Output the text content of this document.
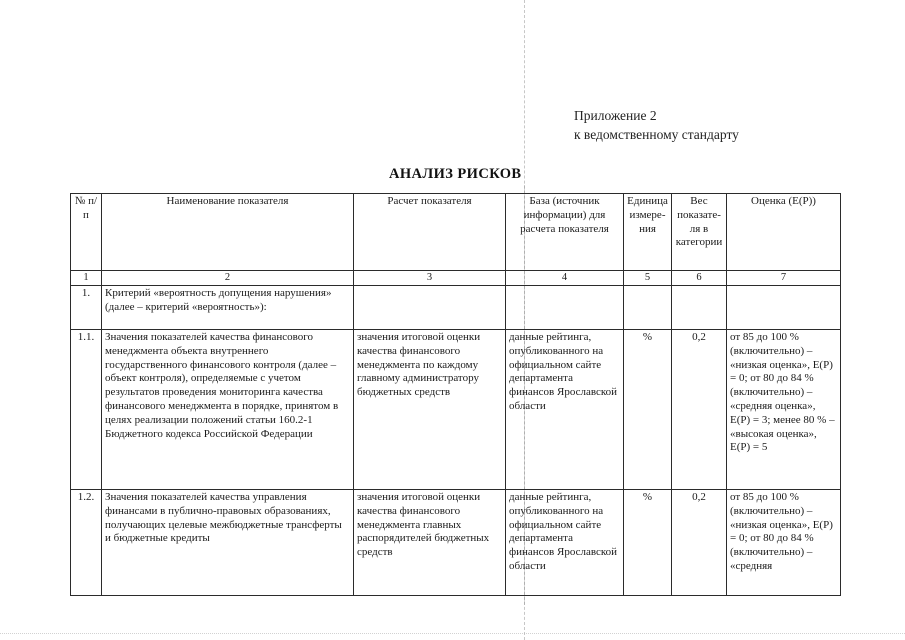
Приложение 2
к ведомственному стандарту
АНАЛИЗ РИСКОВ
№ п/п	Наименование показателя	Расчет показателя	База (источник информации) для расчета показателя	Единица измере-ния	Вес показате-ля в категории	Оценка (Е(Р))
1	2	3	4	5	6	7
1.	Критерий «вероятность допущения нарушения» (далее – критерий «вероятность»):					
1.1.	Значения показателей качества финансового менеджмента объекта внутреннего государственного финансового контроля (далее – объект контроля), определяемые с учетом результатов проведения мониторинга качества финансового менеджмента в порядке, принятом в целях реализации положений статьи 160.2-1 Бюджетного кодекса Российской Федерации	значения итоговой оценки качества финансового менеджмента по каждому главному администратору бюджетных средств	данные рейтинга, опубликованного на официальном сайте департамента финансов Ярославской области	%	0,2	от 85 до 100 % (включительно) – «низкая оценка», Е(Р) = 0; от 80 до 84 % (включительно) – «средняя оценка», Е(Р) = 3; менее 80 % – «высокая оценка», Е(Р) = 5
1.2.	Значения показателей качества управления финансами в публично-правовых образованиях, получающих целевые межбюджетные трансферты и бюджетные кредиты	значения итоговой оценки качества финансового менеджмента главных распорядителей бюджетных средств	данные рейтинга, опубликованного на официальном сайте департамента финансов Ярославской области	%	0,2	от 85 до 100 % (включительно) – «низкая оценка», Е(Р) = 0; от 80 до 84 % (включительно) – «средняя
